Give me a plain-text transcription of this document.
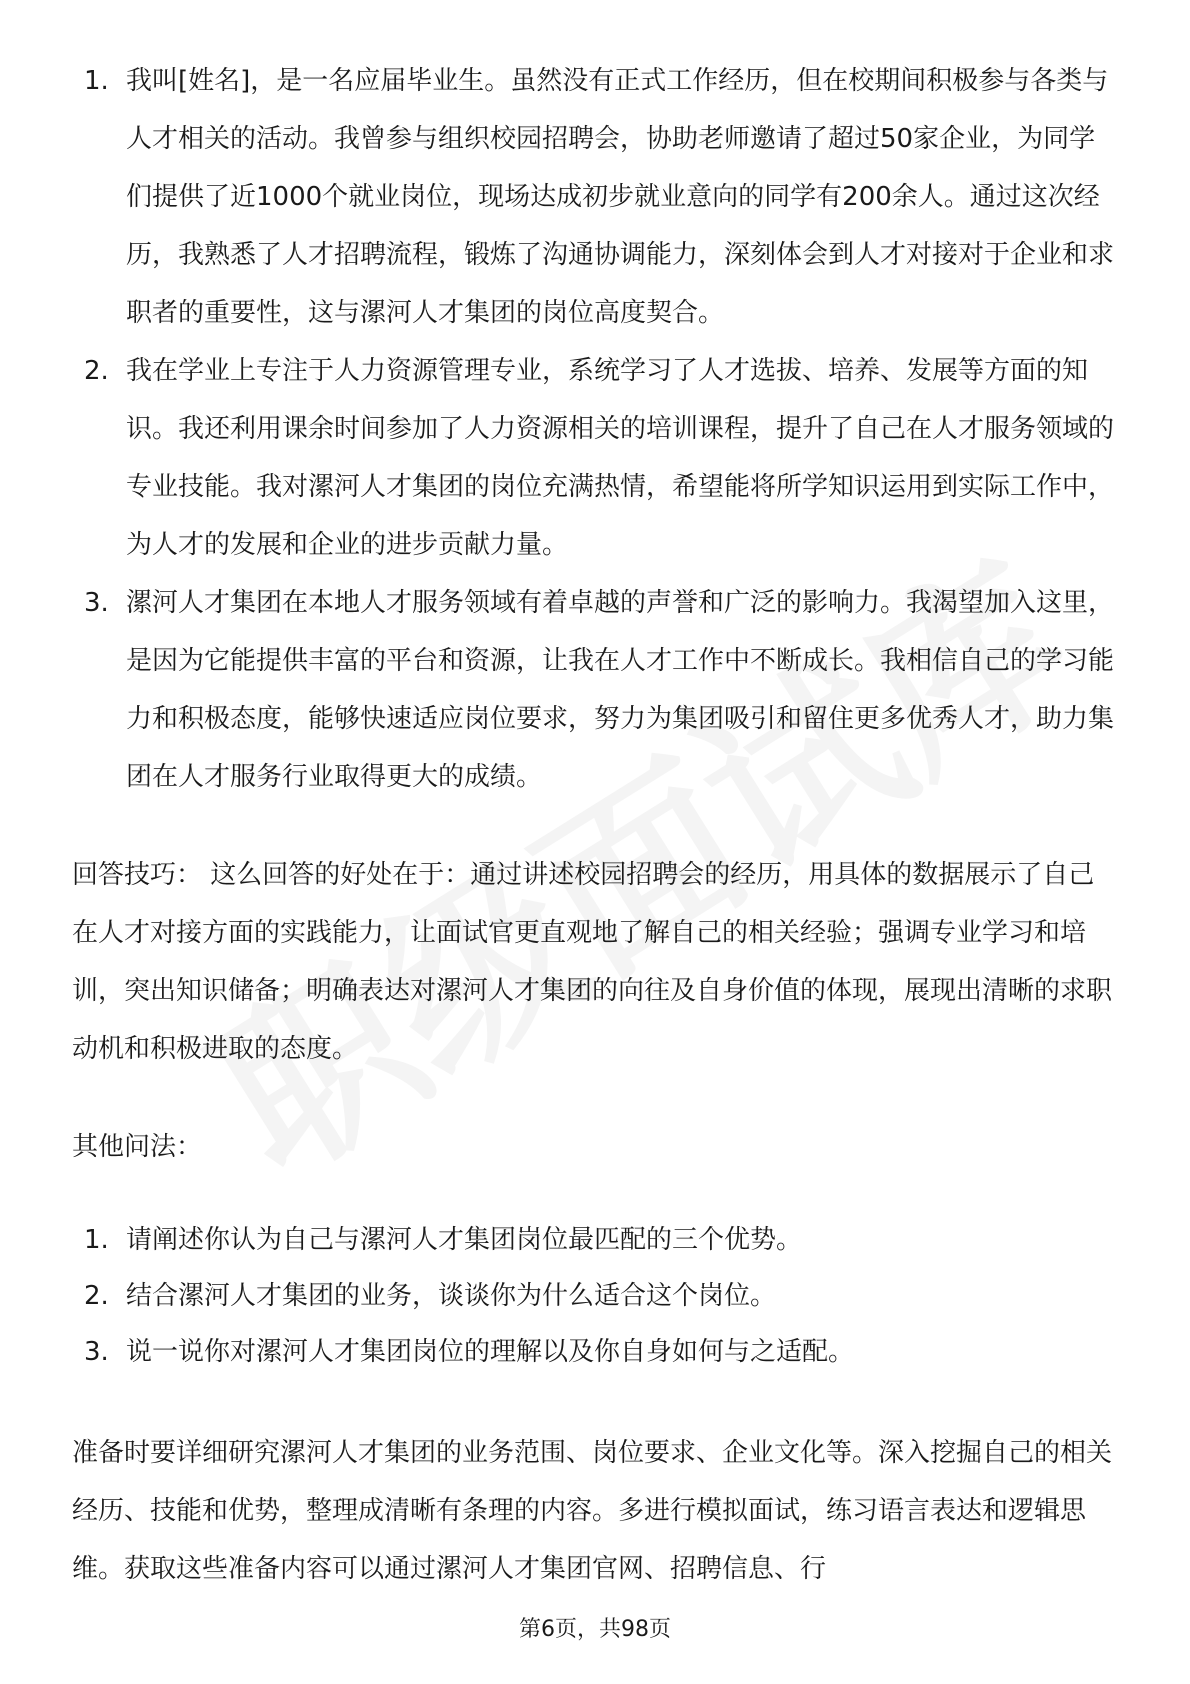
1. 我叫[姓名]，是一名应届毕业生。虽然没有正式工作经历，但在校期间积极参与各类与人才相关的活动。我曾参与组织校园招聘会，协助老师邀请了超过50家企业，为同学们提供了近1000个就业岗位，现场达成初步就业意向的同学有200余人。通过这次经历，我熟悉了人才招聘流程，锻炼了沟通协调能力，深刻体会到人才对接对于企业和求职者的重要性，这与漯河人才集团的岗位高度契合。
2. 我在学业上专注于人力资源管理专业，系统学习了人才选拔、培养、发展等方面的知识。我还利用课余时间参加了人力资源相关的培训课程，提升了自己在人才服务领域的专业技能。我对漯河人才集团的岗位充满热情，希望能将所学知识运用到实际工作中，为人才的发展和企业的进步贡献力量。
3. 漯河人才集团在本地人才服务领域有着卓越的声誉和广泛的影响力。我渴望加入这里，是因为它能提供丰富的平台和资源，让我在人才工作中不断成长。我相信自己的学习能力和积极态度，能够快速适应岗位要求，努力为集团吸引和留住更多优秀人才，助力集团在人才服务行业取得更大的成绩。

回答技巧： 这么回答的好处在于：通过讲述校园招聘会的经历，用具体的数据展示了自己在人才对接方面的实践能力，让面试官更直观地了解自己的相关经验；强调专业学习和培训，突出知识储备；明确表达对漯河人才集团的向往及自身价值的体现，展现出清晰的求职动机和积极进取的态度。

其他问法：

1. 请阐述你认为自己与漯河人才集团岗位最匹配的三个优势。
2. 结合漯河人才集团的业务，谈谈你为什么适合这个岗位。
3. 说一说你对漯河人才集团岗位的理解以及你自身如何与之适配。

准备时要详细研究漯河人才集团的业务范围、岗位要求、企业文化等。深入挖掘自己的相关经历、技能和优势，整理成清晰有条理的内容。多进行模拟面试，练习语言表达和逻辑思维。获取这些准备内容可以通过漯河人才集团官网、招聘信息、行

第6页，共98页
